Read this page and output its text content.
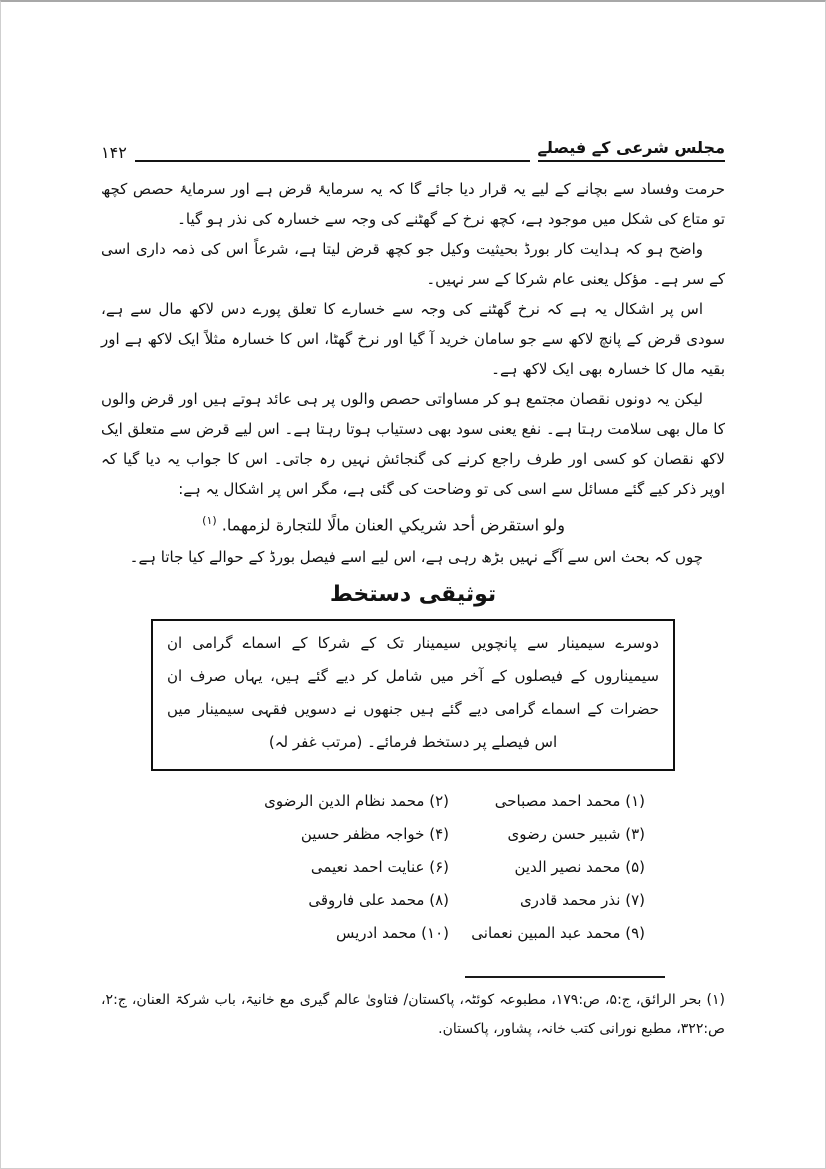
مجلس شرعی کے فیصلے
۱۴۲

حرمت وفساد سے بچانے کے لیے یہ قرار دیا جائے گا کہ یہ سرمایۂ قرض ہے اور سرمایۂ حصص کچھ تو متاع کی شکل میں موجود ہے، کچھ نرخ کے گھٹنے کی وجہ سے خسارہ کی نذر ہو گیا۔

واضح ہو کہ ہدایت کار بورڈ بحیثیت وکیل جو کچھ قرض لیتا ہے، شرعاً اس کی ذمہ داری اسی کے سر ہے۔ مؤکل یعنی عام شرکا کے سر نہیں۔

اس پر اشکال یہ ہے کہ نرخ گھٹنے کی وجہ سے خسارے کا تعلق پورے دس لاکھ مال سے ہے، سودی قرض کے پانچ لاکھ سے جو سامان خرید آ گیا اور نرخ گھٹا، اس کا خسارہ مثلاً ایک لاکھ ہے اور بقیہ مال کا خسارہ بھی ایک لاکھ ہے۔

لیکن یہ دونوں نقصان مجتمع ہو کر مساواتی حصص والوں پر ہی عائد ہوتے ہیں اور قرض والوں کا مال بھی سلامت رہتا ہے۔ نفع یعنی سود بھی دستیاب ہوتا رہتا ہے۔ اس لیے قرض سے متعلق ایک لاکھ نقصان کو کسی اور طرف راجع کرنے کی گنجائش نہیں رہ جاتی۔ اس کا جواب یہ دیا گیا کہ اوپر ذکر کیے گئے مسائل سے اسی کی تو وضاحت کی گئی ہے، مگر اس پر اشکال یہ ہے:

ولو استقرض أحد شريكي العنان مالًا للتجارة لزمهما. $^{(۱)}$

چوں کہ بحث اس سے آگے نہیں بڑھ رہی ہے، اس لیے اسے فیصل بورڈ کے حوالے کیا جاتا ہے۔

توثیقی دستخط
دوسرے سیمینار سے پانچویں سیمینار تک کے شرکا کے اسماے گرامی ان سیمیناروں کے فیصلوں کے آخر میں شامل کر دیے گئے ہیں، یہاں صرف ان حضرات کے اسماے گرامی دیے گئے ہیں جنھوں نے دسویں فقہی سیمینار میں اس فیصلے پر دستخط فرمائے۔ (مرتب غفر لہ)
(۱) محمد احمد مصباحی
(۲) محمد نظام الدین الرضوی
(۳) شبیر حسن رضوی
(۴) خواجہ مظفر حسین
(۵) محمد نصیر الدین
(۶) عنایت احمد نعیمی
(۷) نذر محمد قادری
(۸) محمد علی فاروقی
(۹) محمد عبد المبین نعمانی
(۱۰) محمد ادریس

(۱) بحر الرائق، ج:۵، ص:۱۷۹، مطبوعہ کوئٹہ، پاکستان/ فتاویٰ عالم گیری مع خانیۃ، باب شرکۃ العنان، ج:۲، ص:۳۲۲، مطبع نورانی کتب خانہ، پشاور، پاکستان.
